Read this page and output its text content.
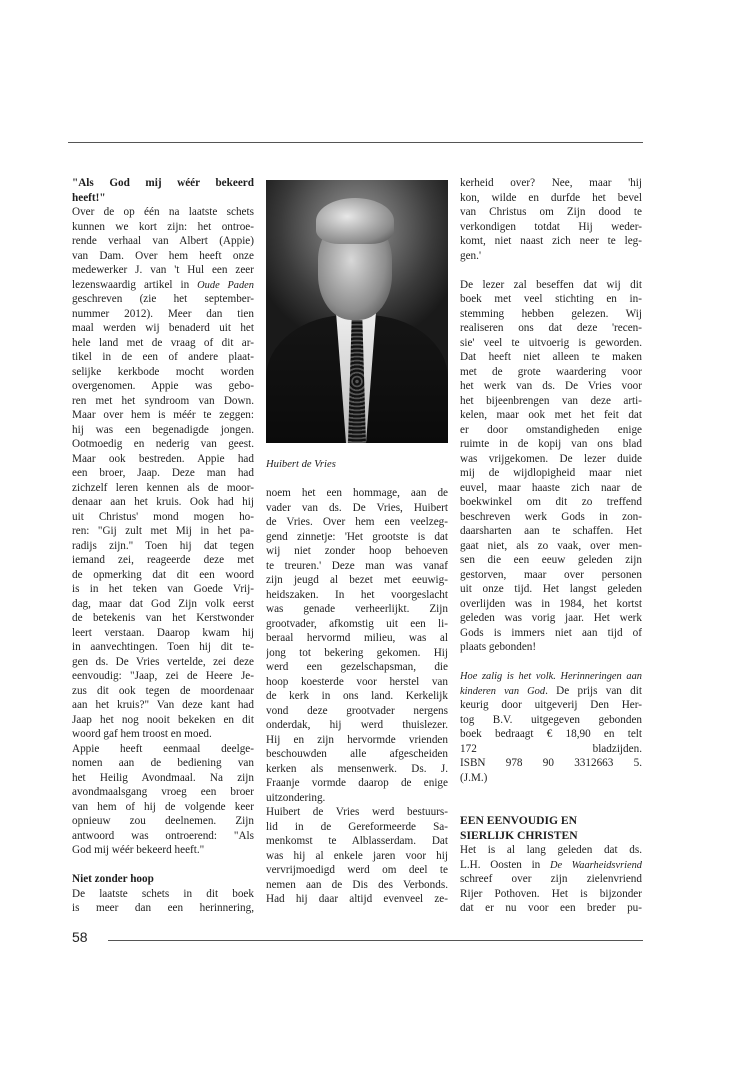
"Als God mij wéér bekeerd
heeft!"
Over de op één na laatste schets
kunnen we kort zijn: het ontroe-
rende verhaal van Albert (Appie)
van Dam. Over hem heeft onze
medewerker J. van 't Hul een zeer
lezenswaardig artikel in Oude Paden
geschreven (zie het september-
nummer 2012). Meer dan tien
maal werden wij benaderd uit het
hele land met de vraag of dit ar-
tikel in de een of andere plaat-
selijke kerkbode mocht worden
overgenomen. Appie was gebo-
ren met het syndroom van Down.
Maar over hem is méér te zeggen:
hij was een begenadigde jongen.
Ootmoedig en nederig van geest.
Maar ook bestreden. Appie had
een broer, Jaap. Deze man had
zichzelf leren kennen als de moor-
denaar aan het kruis. Ook had hij
uit Christus' mond mogen ho-
ren: "Gij zult met Mij in het pa-
radijs zijn." Toen hij dat tegen
iemand zei, reageerde deze met
de opmerking dat dit een woord
is in het teken van Goede Vrij-
dag, maar dat God Zijn volk eerst
de betekenis van het Kerstwonder
leert verstaan. Daarop kwam hij
in aanvechtingen. Toen hij dit te-
gen ds. De Vries vertelde, zei deze
eenvoudig: "Jaap, zei de Heere Je-
zus dit ook tegen de moordenaar
aan het kruis?" Van deze kant had
Jaap het nog nooit bekeken en dit
woord gaf hem troost en moed.
Appie heeft eenmaal deelge-
nomen aan de bediening van
het Heilig Avondmaal. Na zijn
avondmaalsgang vroeg een broer
van hem of hij de volgende keer
opnieuw zou deelnemen. Zijn
antwoord was ontroerend: "Als
God mij wéér bekeerd heeft."
Niet zonder hoop
De laatste schets in dit boek
is meer dan een herinnering,
noem het een hommage, aan de
vader van ds. De Vries, Huibert
de Vries. Over hem een veelzeg-
gend zinnetje: 'Het grootste is dat
wij niet zonder hoop behoeven
te treuren.' Deze man was vanaf
zijn jeugd al bezet met eeuwig-
heidszaken. In het voorgeslacht
was genade verheerlijkt. Zijn
grootvader, afkomstig uit een li-
beraal hervormd milieu, was al
jong tot bekering gekomen. Hij
werd een gezelschapsman, die
hoop koesterde voor herstel van
de kerk in ons land. Kerkelijk
vond deze grootvader nergens
onderdak, hij werd thuislezer.
Hij en zijn hervormde vrienden
beschouwden alle afgescheiden
kerken als mensenwerk. Ds. J.
Fraanje vormde daarop de enige
uitzondering.
Huibert de Vries werd bestuurs-
lid in de Gereformeerde Sa-
menkomst te Alblasserdam. Dat
was hij al enkele jaren voor hij
vervrijmoedigd werd om deel te
nemen aan de Dis des Verbonds.
Had hij daar altijd evenveel ze-
kerheid over? Nee, maar 'hij
kon, wilde en durfde het bevel
van Christus om Zijn dood te
verkondigen totdat Hij weder-
komt, niet naast zich neer te leg-
gen.'
De lezer zal beseffen dat wij dit
boek met veel stichting en in-
stemming hebben gelezen. Wij
realiseren ons dat deze 'recen-
sie' veel te uitvoerig is geworden.
Dat heeft niet alleen te maken
met de grote waardering voor
het werk van ds. De Vries voor
het bijeenbrengen van deze arti-
kelen, maar ook met het feit dat
er door omstandigheden enige
ruimte in de kopij van ons blad
was vrijgekomen. De lezer duide
mij de wijdlopigheid maar niet
euvel, maar haaste zich naar de
boekwinkel om dit zo treffend
beschreven werk Gods in zon-
daarsharten aan te schaffen. Het
gaat niet, als zo vaak, over men-
sen die een eeuw geleden zijn
gestorven, maar over personen
uit onze tijd. Het langst geleden
overlijden was in 1984, het kortst
geleden was vorig jaar. Het werk
Gods is immers niet aan tijd of
plaats gebonden!
Hoe zalig is het volk. Herinneringen aan
kinderen van God. De prijs van dit
keurig door uitgeverij Den Her-
tog B.V. uitgegeven gebonden
boek bedraagt € 18,90 en telt
172 bladzijden.
ISBN 978 90 3312663 5.
(J.M.)
EEN EENVOUDIG EN
SIERLIJK CHRISTEN
Het is al lang geleden dat ds.
L.H. Oosten in De Waarheidsvriend
schreef over zijn zielenvriend
Rijer Pothoven. Het is bijzonder
dat er nu voor een breder pu-
Huibert de Vries
58
